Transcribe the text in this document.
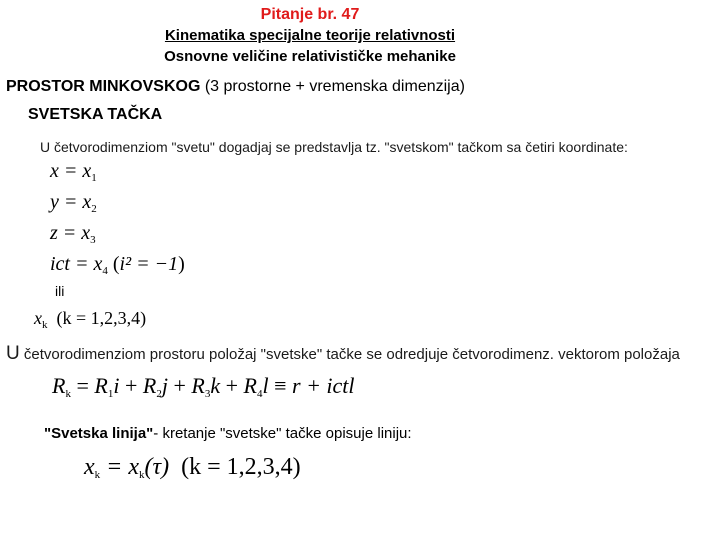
Pitanje br. 47
Kinematika specijalne teorije relativnosti
Osnovne veličine relativističke mehanike
PROSTOR MINKOVSKOG (3 prostorne + vremenska dimenzija)
SVETSKA TAČKA
U četvorodimenziom "svetu" dogadjaj se predstavlja tz. "svetskom" tačkom sa četiri koordinate:
$x = x_1$
$y = x_2$
$z = x_3$
ict = $x_4$ (i² = −1)
ili
$x_k$  (k = 1,2,3,4)
U četvorodimenziom prostoru položaj "svetske" tačke se odredjuje četvorodimenz. vektorom položaja
$R_k = R_1i + R_2j + R_3k + R_4l \equiv r$ + ictl
"Svetska linija"- kretanje "svetske" tačke opisuje liniju:
$x_k = x_k(\tau) (k = 1,2,3,4)$
